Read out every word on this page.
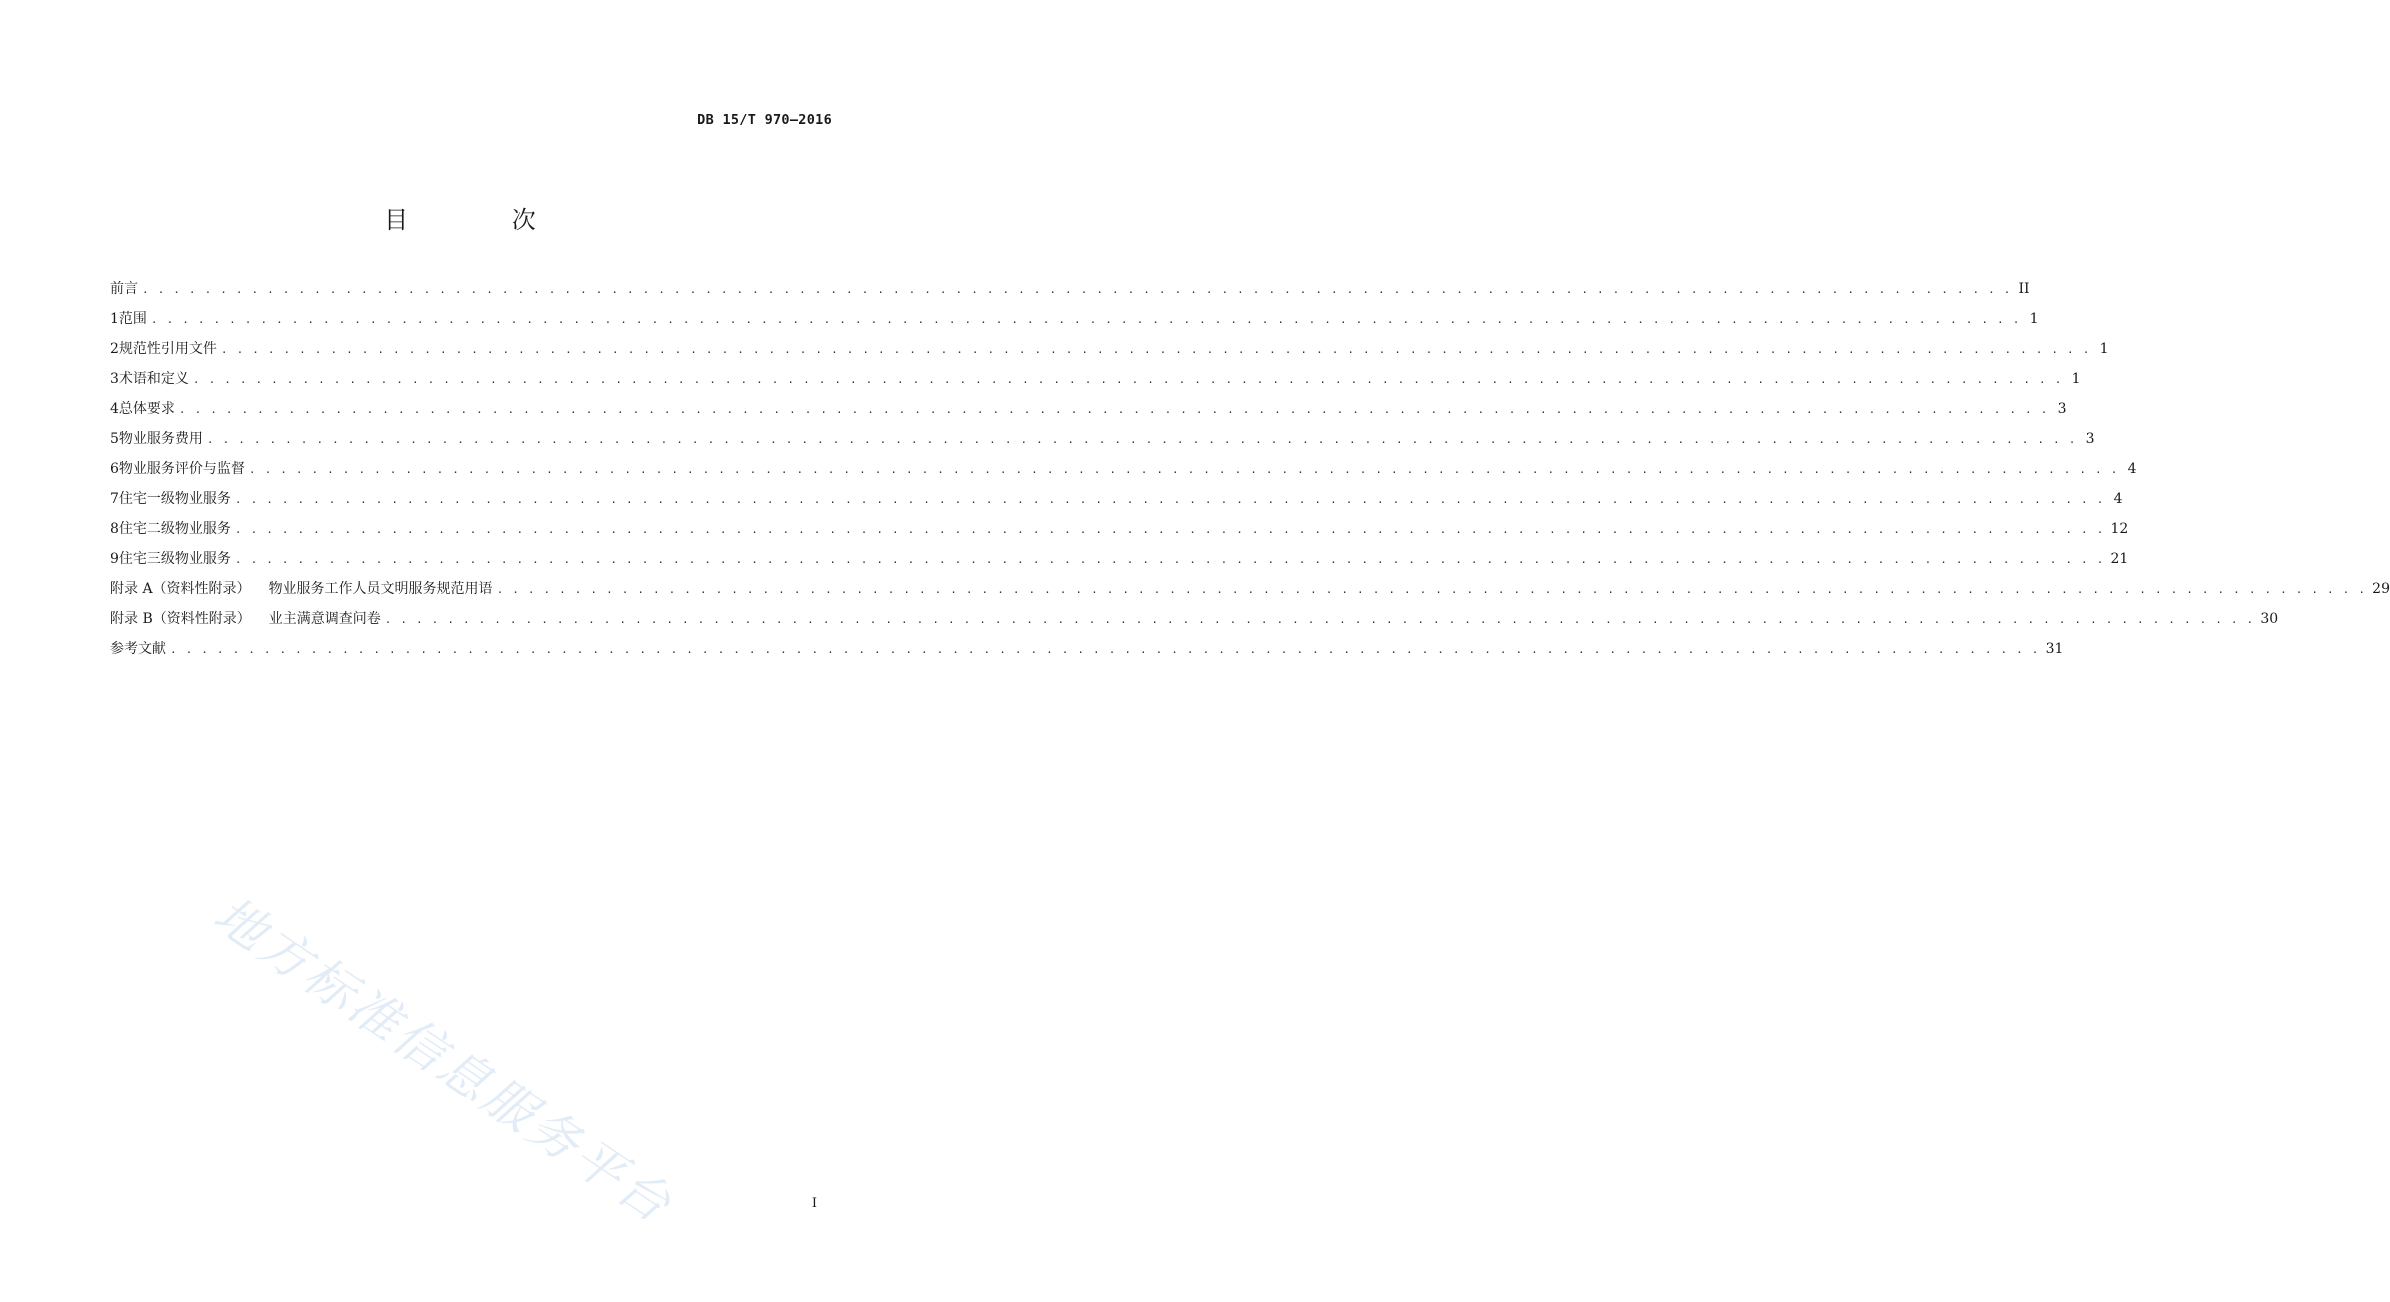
DB 15/T 970—2016
目 次
前言 . . . . . . . . . . . . . . . . . . . . . . . . . . . . . . . . . . . . . . . . . . . . . . . . . . . . . . . . . . . . . . . . . . . . . . . . . . . . . . . . . . . . . . . . . . . . . . . . . . . . . . . . . . . . . . . . . . . . . . . . II
1 范围 . . . . . . . . . . . . . . . . . . . . . . . . . . . . . . . . . . . . . . . . . . . . . . . . . . . . . . . . . . . . . . . . . . . . . . . . . . . . . . . . . . . . . . . . . . . . . . . . . . . . . . . . . . . . . . . . . . . . . . . . 1
2 规范性引用文件 . . . . . . . . . . . . . . . . . . . . . . . . . . . . . . . . . . . . . . . . . . . . . . . . . . . . . . . . . . . . . . . . . . . . . . . . . . . . . . . . . . . . . . . . . . . . . . . . . . . . . . . . . . . . . . . . . . . . . . . . 1
3 术语和定义 . . . . . . . . . . . . . . . . . . . . . . . . . . . . . . . . . . . . . . . . . . . . . . . . . . . . . . . . . . . . . . . . . . . . . . . . . . . . . . . . . . . . . . . . . . . . . . . . . . . . . . . . . . . . . . . . . . . . . . . . 1
4 总体要求 . . . . . . . . . . . . . . . . . . . . . . . . . . . . . . . . . . . . . . . . . . . . . . . . . . . . . . . . . . . . . . . . . . . . . . . . . . . . . . . . . . . . . . . . . . . . . . . . . . . . . . . . . . . . . . . . . . . . . . . . 3
5 物业服务费用 . . . . . . . . . . . . . . . . . . . . . . . . . . . . . . . . . . . . . . . . . . . . . . . . . . . . . . . . . . . . . . . . . . . . . . . . . . . . . . . . . . . . . . . . . . . . . . . . . . . . . . . . . . . . . . . . . . . . . . . . 3
6 物业服务评价与监督 . . . . . . . . . . . . . . . . . . . . . . . . . . . . . . . . . . . . . . . . . . . . . . . . . . . . . . . . . . . . . . . . . . . . . . . . . . . . . . . . . . . . . . . . . . . . . . . . . . . . . . . . . . . . . . . . . . . . . . . . 4
7 住宅一级物业服务 . . . . . . . . . . . . . . . . . . . . . . . . . . . . . . . . . . . . . . . . . . . . . . . . . . . . . . . . . . . . . . . . . . . . . . . . . . . . . . . . . . . . . . . . . . . . . . . . . . . . . . . . . . . . . . . . . . . . . . . . 4
8 住宅二级物业服务 . . . . . . . . . . . . . . . . . . . . . . . . . . . . . . . . . . . . . . . . . . . . . . . . . . . . . . . . . . . . . . . . . . . . . . . . . . . . . . . . . . . . . . . . . . . . . . . . . . . . . . . . . . . . . . . . . . . . . . . . 12
9 住宅三级物业服务 . . . . . . . . . . . . . . . . . . . . . . . . . . . . . . . . . . . . . . . . . . . . . . . . . . . . . . . . . . . . . . . . . . . . . . . . . . . . . . . . . . . . . . . . . . . . . . . . . . . . . . . . . . . . . . . . . . . . . . . . 21
附录 A（资料性附录） 物业服务工作人员文明服务规范用语 . . . . . . . . . . . . . . . . . . . . . . . . . . . . . . . . . . . . . . . . . . . . . . . . . . . . . . . . . . . . . . . . . . . . . . . . . . . . . . . . . . . . . . . . . . . . . . . . . . . . . . . . . . . . . . . . . . . . . . . . 29
附录 B（资料性附录） 业主满意调查问卷 . . . . . . . . . . . . . . . . . . . . . . . . . . . . . . . . . . . . . . . . . . . . . . . . . . . . . . . . . . . . . . . . . . . . . . . . . . . . . . . . . . . . . . . . . . . . . . . . . . . . . . . . . . . . . . . . . . . . . . . . 30
参考文献 . . . . . . . . . . . . . . . . . . . . . . . . . . . . . . . . . . . . . . . . . . . . . . . . . . . . . . . . . . . . . . . . . . . . . . . . . . . . . . . . . . . . . . . . . . . . . . . . . . . . . . . . . . . . . . . . . . . . . . . . 31
地方标准信息服务平台	I
